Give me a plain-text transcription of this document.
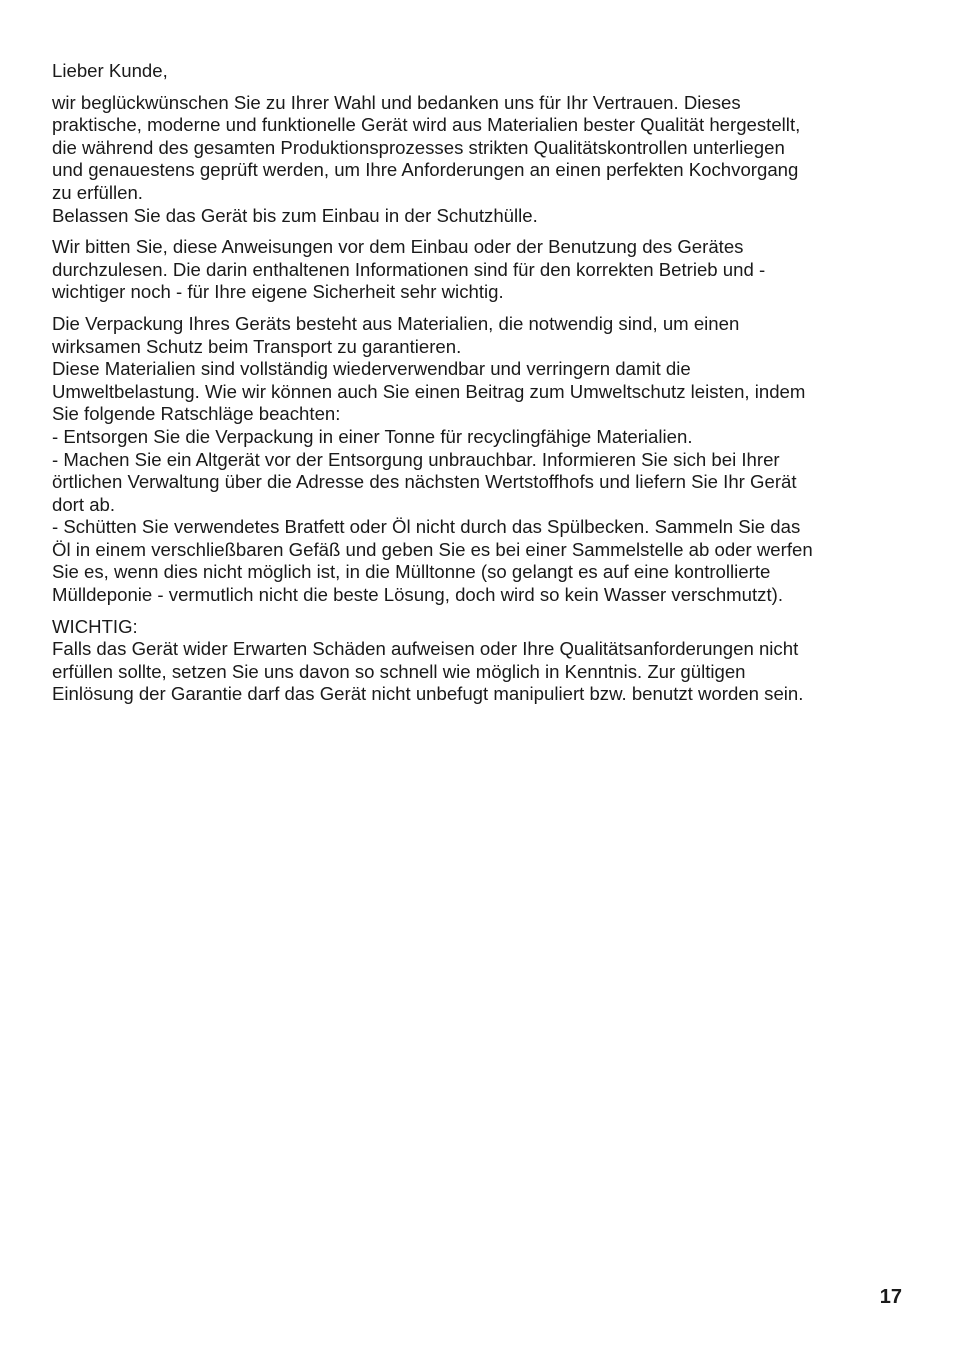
Lieber Kunde,
wir beglückwünschen Sie zu Ihrer Wahl und bedanken uns für Ihr Vertrauen. Dieses
praktische, moderne und funktionelle Gerät wird aus Materialien bester Qualität hergestellt,
die während des gesamten Produktionsprozesses strikten Qualitätskontrollen unterliegen
und genauestens geprüft werden, um Ihre Anforderungen an einen perfekten Kochvorgang
zu erfüllen.
Belassen Sie das Gerät bis zum Einbau in der Schutzhülle.
Wir bitten Sie, diese Anweisungen vor dem Einbau oder der Benutzung des Gerätes
durchzulesen. Die darin enthaltenen Informationen sind für den korrekten Betrieb und -
wichtiger noch - für Ihre eigene Sicherheit sehr wichtig.
Die Verpackung Ihres Geräts besteht aus Materialien, die notwendig sind, um einen
wirksamen Schutz beim Transport zu garantieren.
Diese Materialien sind vollständig wiederverwendbar und verringern damit die
Umweltbelastung. Wie wir können auch Sie einen Beitrag zum Umweltschutz leisten, indem
Sie folgende Ratschläge beachten:
- Entsorgen Sie die Verpackung in einer Tonne für recyclingfähige Materialien.
- Machen Sie ein Altgerät vor der Entsorgung unbrauchbar. Informieren Sie sich bei Ihrer
örtlichen Verwaltung über die Adresse des nächsten Wertstoffhofs und liefern Sie Ihr Gerät
dort ab.
- Schütten Sie verwendetes Bratfett oder Öl nicht durch das Spülbecken. Sammeln Sie das
Öl in einem verschließbaren Gefäß und geben Sie es bei einer Sammelstelle ab oder werfen
Sie es, wenn dies nicht möglich ist, in die Mülltonne (so gelangt es auf eine kontrollierte
Mülldeponie - vermutlich nicht die beste Lösung, doch wird so kein Wasser verschmutzt).
WICHTIG:
Falls das Gerät wider Erwarten Schäden aufweisen oder Ihre Qualitätsanforderungen nicht
erfüllen sollte, setzen Sie uns davon so schnell wie möglich in Kenntnis. Zur gültigen
Einlösung der Garantie darf das Gerät nicht unbefugt manipuliert bzw. benutzt worden sein.
17
